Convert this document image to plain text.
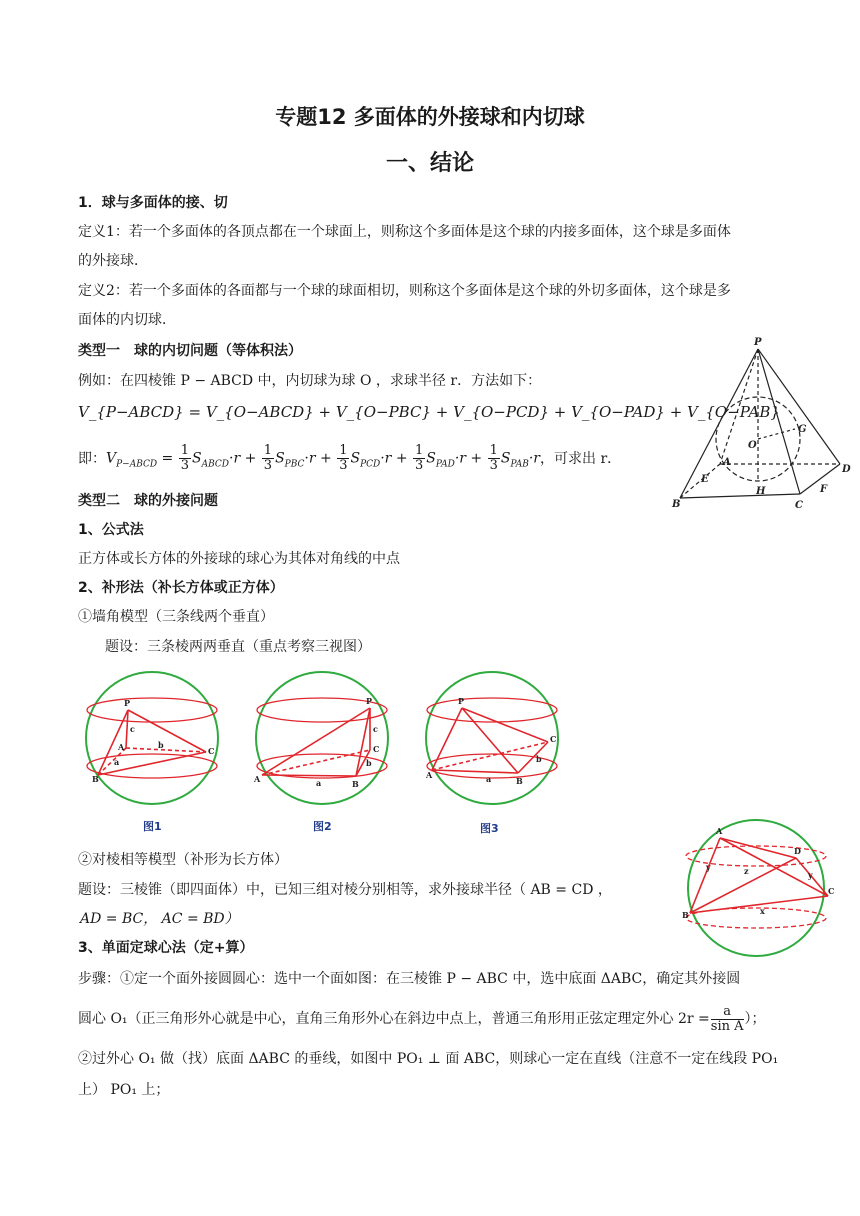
专题12 多面体的外接球和内切球
一、结论
1．球与多面体的接、切
定义1：若一个多面体的各顶点都在一个球面上，则称这个多面体是这个球的内接多面体，这个球是多面体
的外接球．
定义2：若一个多面体的各面都与一个球的球面相切，则称这个多面体是这个球的外切多面体，这个球是多
面体的内切球．
类型一　球的内切问题（等体积法）
例如：在四棱锥 P − ABCD 中，内切球为球 O ，求球半径 r．方法如下：
V_{P−ABCD} = V_{O−ABCD} + V_{O−PBC} + V_{O−PCD} + V_{O−PAD} + V_{O−PAB}
即： $V_{P-ABCD} = \frac{1}{3} S_{ABCD}\cdot r + \frac{1}{3} S_{PBC}\cdot r + \frac{1}{3} S_{PCD}\cdot r + \frac{1}{3} S_{PAD}\cdot r + \frac{1}{3} S_{PAB}\cdot r$ ，可求出 r．
P
O
G
A
E
H
D
F
B	C
类型二　球的外接问题
1、公式法
正方体或长方体的外接球的球心为其体对角线的中点
2、补形法（补长方体或正方体）
①墙角模型（三条线两个垂直）
题设：三条棱两两垂直（重点考察三视图）
P
A	C
B
c
b
a
图1
P
C
A	B
c
b
a
图2
P
C
A
B
a
b
图3
②对棱相等模型（补形为长方体）
题设：三棱锥（即四面体）中，已知三组对棱分别相等，求外接球半径（ AB = CD ，
AD = BC， AC = BD）
A
D
C
B
y	z	y
x
3、单面定球心法（定+算）
步骤：①定一个面外接圆圆心：选中一个面如图：在三棱锥 P − ABC 中，选中底面 ΔABC，确定其外接圆
圆心 O₁（正三角形外心就是中心，直角三角形外心在斜边中点上，普通三角形用正弦定理定外心 $2r = \frac{a}{\text{sin A}}$ ）；
②过外心 O₁ 做（找）底面 ΔABC 的垂线，如图中 PO₁ ⊥ 面 ABC，则球心一定在直线（注意不一定在线段 PO₁
上） PO₁ 上；
